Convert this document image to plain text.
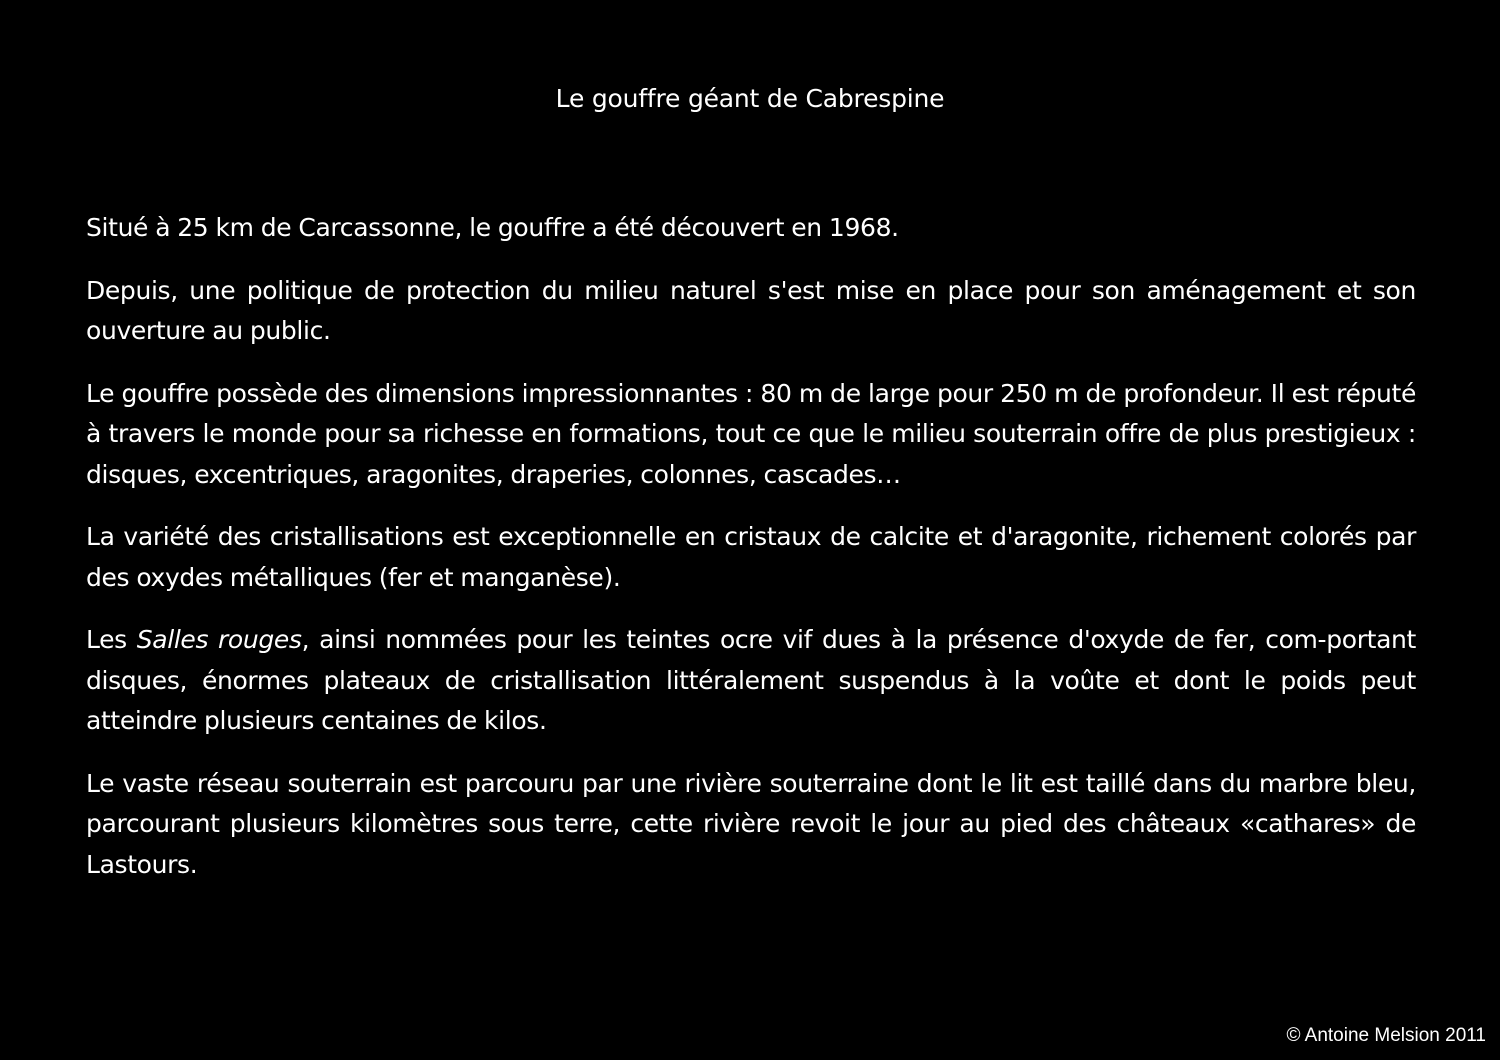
Le gouffre géant de Cabrespine

Situé à 25 km de Carcassonne, le gouffre a été découvert en 1968.

Depuis, une politique de protection du milieu naturel s'est mise en place pour son aménagement et son ouverture au public.

Le gouffre possède des dimensions impressionnantes : 80 m de large pour 250 m de profondeur. Il est réputé à travers le monde pour sa richesse en formations, tout ce que le milieu souterrain offre de plus prestigieux : disques, excentriques, aragonites, draperies, colonnes, cascades…

La variété des cristallisations est exceptionnelle en cristaux de calcite et d'aragonite, richement colorés par des oxydes métalliques (fer et manganèse).

Les Salles rouges, ainsi nommées pour les teintes ocre vif dues à la présence d'oxyde de fer, com-portant disques, énormes plateaux de cristallisation littéralement suspendus à la voûte et dont le poids peut atteindre plusieurs centaines de kilos.

Le vaste réseau souterrain est parcouru par une rivière souterraine dont le lit est taillé dans du marbre bleu, parcourant plusieurs kilomètres sous terre, cette rivière revoit le jour au pied des châteaux «cathares» de Lastours.

© Antoine Melsion 2011
